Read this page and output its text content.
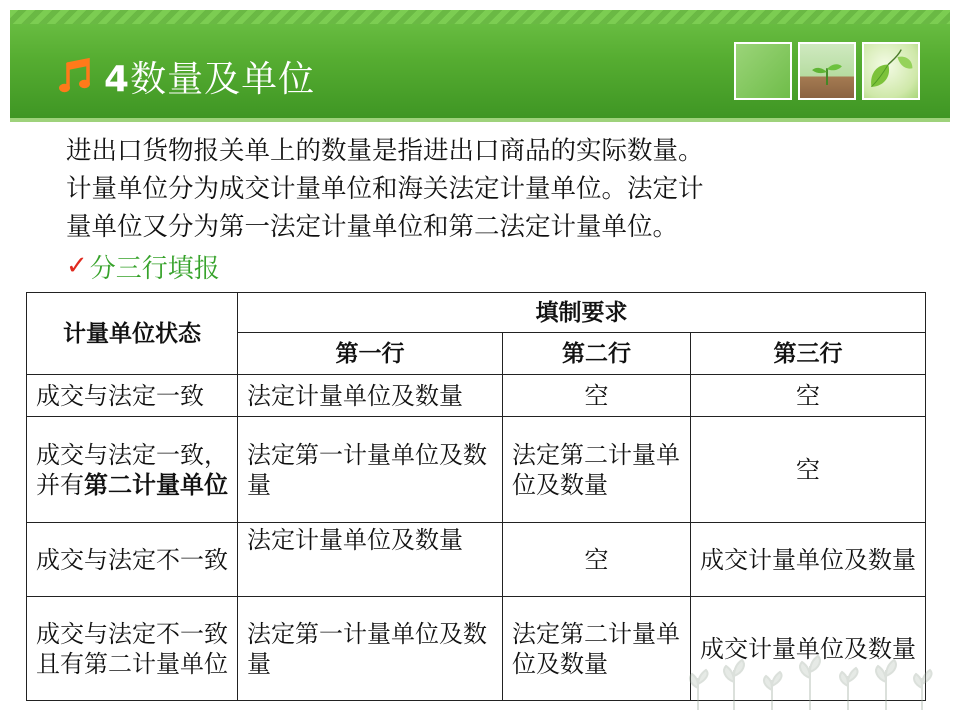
4数量及单位
进出口货物报关单上的数量是指进出口商品的实际数量。
计量单位分为成交计量单位和海关法定计量单位。法定计
量单位又分为第一法定计量单位和第二法定计量单位。
✓ 分三行填报
计量单位状态	填制要求		
	第一行	第二行	第三行
成交与法定一致	法定计量单位及数量	空	空
成交与法定一致，并有第二计量单位	法定第一计量单位及数量	法定第二计量单位及数量	空
成交与法定不一致	法定计量单位及数量	空	成交计量单位及数量
成交与法定不一致且有第二计量单位	法定第一计量单位及数量	法定第二计量单位及数量	成交计量单位及数量
